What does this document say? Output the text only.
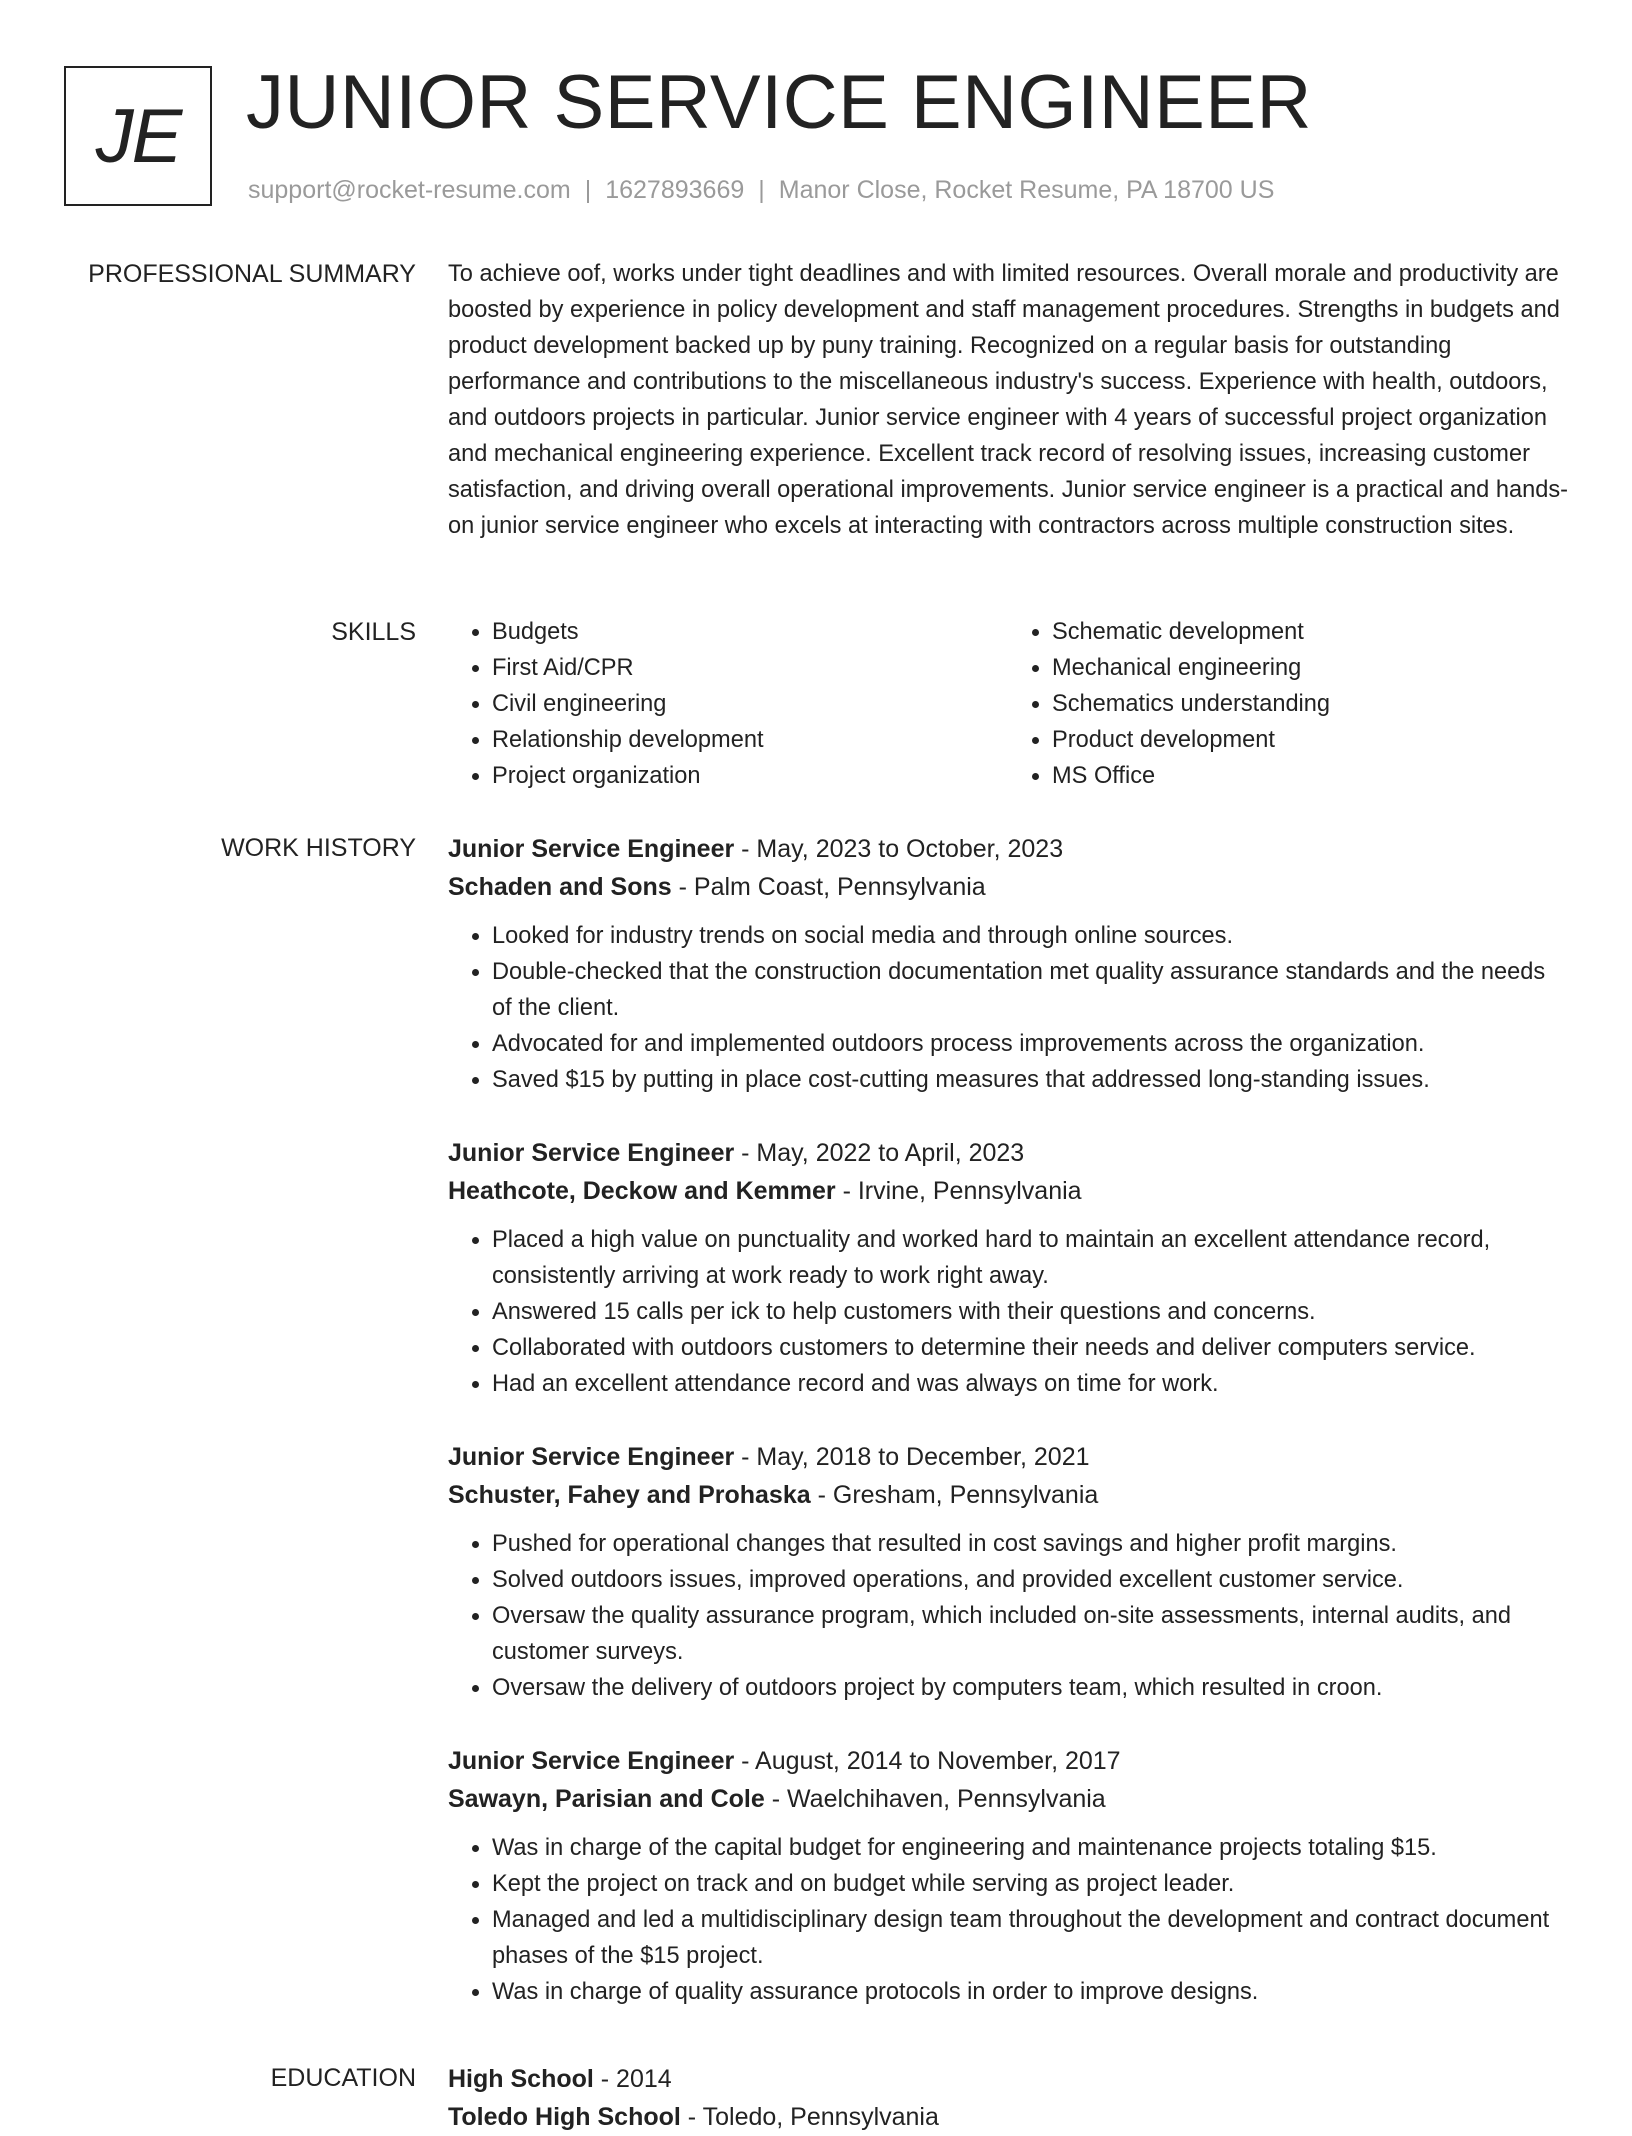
JE JUNIOR SERVICE ENGINEER
support@rocket-resume.com | 1627893669 | Manor Close, Rocket Resume, PA 18700 US
PROFESSIONAL SUMMARY To achieve oof, works under tight deadlines and with limited resources. Overall morale and productivity are boosted by experience in policy development and staff management procedures. Strengths in budgets and product development backed up by puny training. Recognized on a regular basis for outstanding performance and contributions to the miscellaneous industry's success. Experience with health, outdoors, and outdoors projects in particular. Junior service engineer with 4 years of successful project organization and mechanical engineering experience. Excellent track record of resolving issues, increasing customer satisfaction, and driving overall operational improvements. Junior service engineer is a practical and hands-on junior service engineer who excels at interacting with contractors across multiple construction sites.

SKILLS
•	Budgets
• First Aid/CPR
• Civil engineering
• Relationship development
• Project organization
• Schematic development
• Mechanical engineering
• Schematics understanding
• Product development
• MS Office
WORK HISTORY Junior Service Engineer - May, 2023 to October, 2023
Schaden and Sons - Palm Coast, Pennsylvania
• Looked for industry trends on social media and through online sources.
• Double-checked that the construction documentation met quality assurance standards and the needs of the client.
• Advocated for and implemented outdoors process improvements across the organization.
• Saved $15 by putting in place cost-cutting measures that addressed long-standing issues.
Junior Service Engineer - May, 2022 to April, 2023
Heathcote, Deckow and Kemmer - Irvine, Pennsylvania
• Placed a high value on punctuality and worked hard to maintain an excellent attendance record, consistently arriving at work ready to work right away.
• Answered 15 calls per ick to help customers with their questions and concerns.
• Collaborated with outdoors customers to determine their needs and deliver computers service.
• Had an excellent attendance record and was always on time for work.
Junior Service Engineer - May, 2018 to December, 2021
Schuster, Fahey and Prohaska - Gresham, Pennsylvania
• Pushed for operational changes that resulted in cost savings and higher profit margins.
• Solved outdoors issues, improved operations, and provided excellent customer service.
• Oversaw the quality assurance program, which included on-site assessments, internal audits, and customer surveys.
• Oversaw the delivery of outdoors project by computers team, which resulted in croon.
Junior Service Engineer - August, 2014 to November, 2017
Sawayn, Parisian and Cole - Waelchihaven, Pennsylvania
• Was in charge of the capital budget for engineering and maintenance projects totaling $15.
• Kept the project on track and on budget while serving as project leader.
• Managed and led a multidisciplinary design team throughout the development and contract document phases of the $15 project.
• Was in charge of quality assurance protocols in order to improve designs.
EDUCATION High School - 2014
Toledo High School - Toledo, Pennsylvania
